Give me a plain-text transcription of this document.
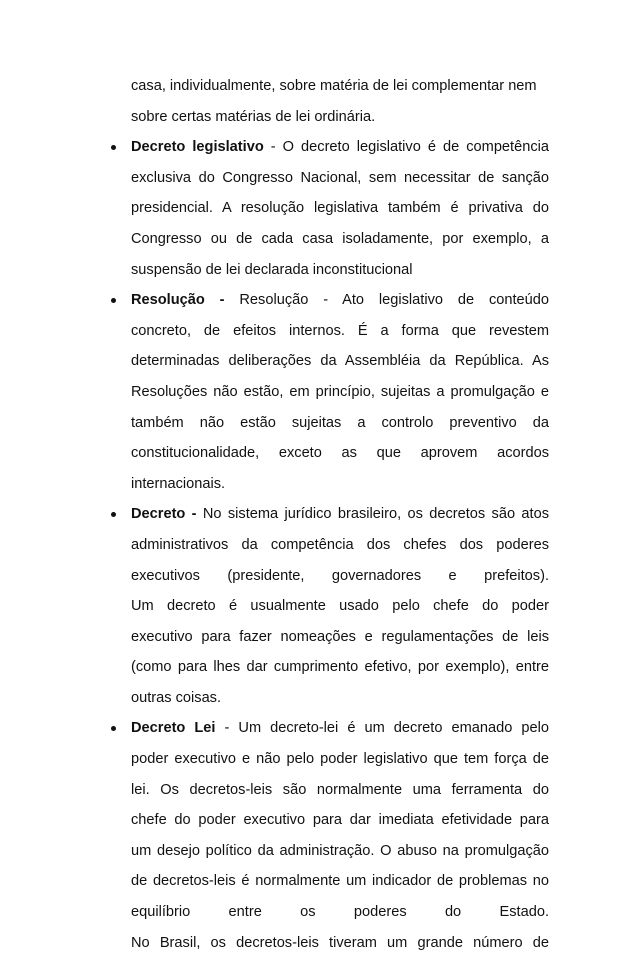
casa, individualmente, sobre matéria de lei complementar nem
sobre certas matérias de lei ordinária.
Decreto legislativo - O decreto legislativo é de competência
exclusiva do Congresso Nacional, sem necessitar de sanção
presidencial. A resolução legislativa também é privativa do
Congresso ou de cada casa isoladamente, por exemplo, a
suspensão de lei declarada inconstitucional
Resolução - Resolução - Ato legislativo de conteúdo
concreto, de efeitos internos. É a forma que revestem
determinadas deliberações da Assembléia da República. As
Resoluções não estão, em princípio, sujeitas a promulgação e
também não estão sujeitas a controlo preventivo da
constitucionalidade, exceto as que aprovem acordos
internacionais.
Decreto - No sistema jurídico brasileiro, os decretos são atos
administrativos da competência dos chefes dos poderes
executivos (presidente, governadores e prefeitos).
Um decreto é usualmente usado pelo chefe do poder
executivo para fazer nomeações e regulamentações de leis
(como para lhes dar cumprimento efetivo, por exemplo), entre
outras coisas.
Decreto Lei - Um decreto-lei é um decreto emanado pelo
poder executivo e não pelo poder legislativo que tem força de
lei. Os decretos-leis são normalmente uma ferramenta do
chefe do poder executivo para dar imediata efetividade para
um desejo político da administração. O abuso na promulgação
de decretos-leis é normalmente um indicador de problemas no
equilíbrio entre os poderes do Estado.
No Brasil, os decretos-leis tiveram um grande número de
